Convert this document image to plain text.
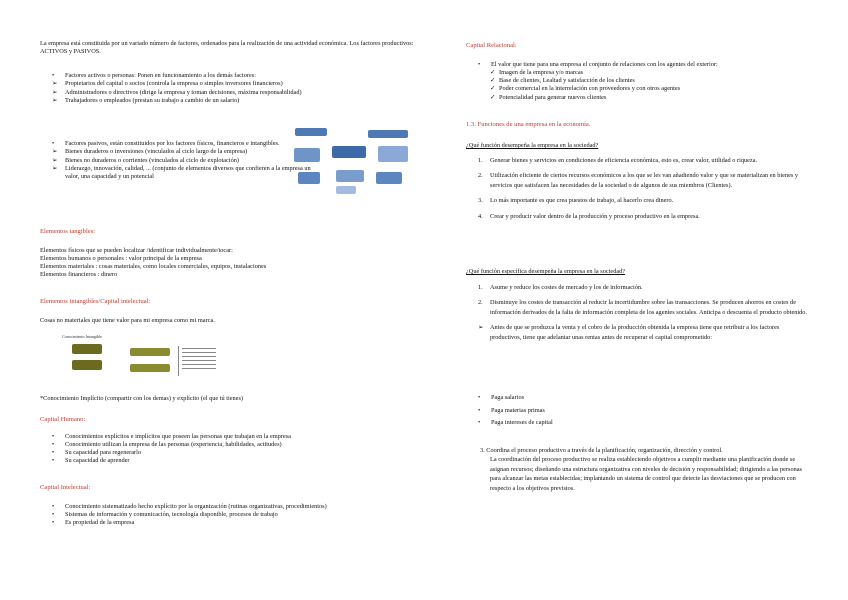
La empresa está constituida por un variado número de factores, ordenados para la realización de una actividad económica. Los factores productivos: ACTIVOS y PASIVOS.

• Factores activos o personas: Ponen en funcionamiento a los demás factores:
➢ Propietarios del capital o socios (controla la empresa o simples inversores financieros)
➢ Administradores o directivos (dirige la empresa y toman decisiones, máxima responsabilidad)
➢ Trabajadores o empleados (prestan su trabajo a cambio de un salario)
• Factores pasivos, están constituidos por los factores físicos, financieros e intangibles.
➢ Bienes duraderos o inversiones (vinculados al ciclo largo de la empresa)
➢ Bienes no duraderos o corrientes (vinculados al ciclo de explotación)
➢ Liderazgo, innovación, calidad, ... (conjunto de elementos diversos que confieren a la empresa un valor, una capacidad y un potencial

Elementos tangibles:

Elementos físicos que se pueden localizar /identificar individualmente/tocar:

Elementos humanos o personales : valor principal de la empresa

Elementos materiales : cosas materiales, como locales comerciales, equipos, instalaciones

Elementos financieros : dinero

Elementos intangibles/Capital intelectual:

Cosas no materiales que tiene valor para mi empresa como mi marca.

Conocimiento Intangible

*Conocimiento Implícito (compartir con los demas) y explícito (el que tú tienes)

Capital Humano:

• Conocimientos explícitos e implícitos que poseen las personas que trabajan en la empresa
• Conocimiento utilizan la empresa de las personas (experiencia, habilidades, actitudes)
• Su capacidad para regenerarlo
• Su capacidad de aprender

Capital Intelectual:

• Conocimiento sistematizado hecho explícito por la organización (rutinas organizativas, procedimientos)
• Sistemas de información y comunicación, tecnología disponible, procesos de trabajo
• Es propiedad de la empresa

Capital Relacional:

• El valor que tiene para una empresa el conjunto de relaciones con los agentes del exterior:
✓ Imagen de la empresa y/o marcas
✓ Base de clientes, Lealtad y satisfacción de los clientes
✓ Poder comercial en la interrelación con proveedores y con otros agentes
✓ Potencialidad para generar nuevos clientes

1.3. Funciones de una empresa en la economía.

¿Qué función desempeña la empresa en la sociedad?

1. Generar bienes y servicios en condiciones de eficiencia económica, esto es, crear valor, utilidad o riqueza.
2. Utilización eficiente de ciertos recursos económicos a los que se les van añadiendo valor y que se materializan en bienes y servicios que satisfacen las necesidades de la sociedad o de algunos de sus miembros (Clientes).
3. Lo más importante es que crea puestos de trabajo, al hacerlo crea dinero.
4. Crear y producir valor dentro de la producción y proceso productivo en la empresa.

¿Qué función específica desempeña la empresa en la sociedad?

1. Asume y reduce los costes de mercado y los de información.
2. Disminuye los costes de transacción al reducir la incertidumbre sobre las transacciones. Se producen ahorros en costes de información derivados de la falta de información completa de los agentes sociales. Anticipa o descuenta el producto obtenido.
➢ Antes de que se produzca la venta y el cobro de la producción obtenida la empresa tiene que retribuir a los factores productivos, tiene que adelantar unas rentas antes de recuperar el capital comprometido:
• Paga salarios
• Paga materias primas
• Paga intereses de capital

3. Coordina el proceso productivo a través de la planificación, organización, dirección y control.

La coordinación del proceso productivo se realiza estableciendo objetivos a cumplir mediante una planificación donde se asignan recursos; diseñando una estructura organizativa con niveles de decisión y responsabilidad; dirigiendo a las personas para alcanzar las metas establecidas; implantando un sistema de control que detecte las desviaciones que se producen con respecto a los objetivos previstos.
